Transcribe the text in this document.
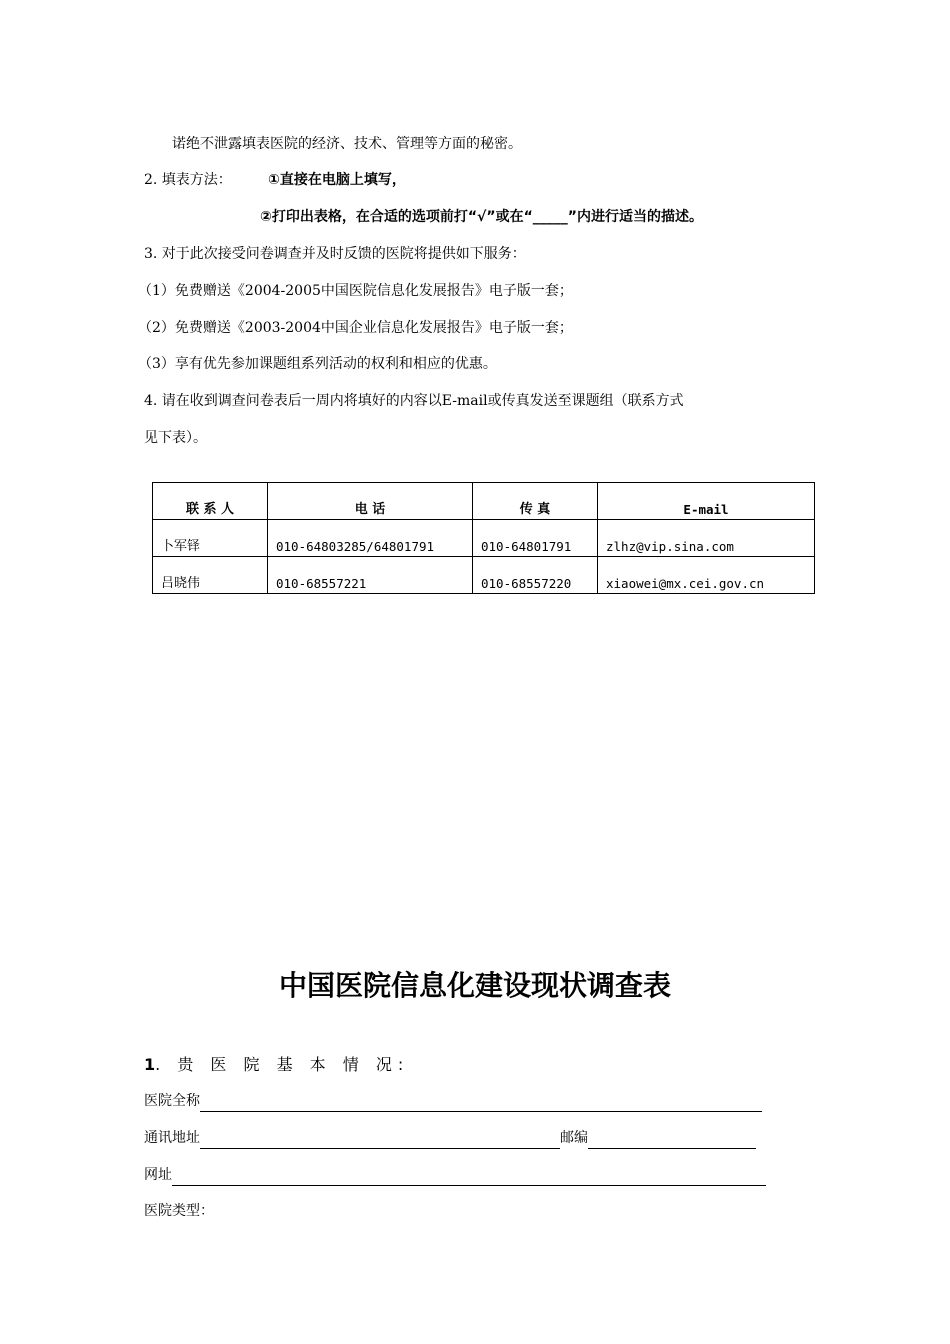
诺绝不泄露填表医院的经济、技术、管理等方面的秘密。
2. 填表方法：	①直接在电脑上填写，
②打印出表格，在合适的选项前打“√”或在“_____”内进行适当的描述。
3. 对于此次接受问卷调查并及时反馈的医院将提供如下服务：
（1）免费赠送《2004-2005中国医院信息化发展报告》电子版一套；
（2）免费赠送《2003-2004中国企业信息化发展报告》电子版一套；
（3）享有优先参加课题组系列活动的权利和相应的优惠。
4. 请在收到调查问卷表后一周内将填好的内容以E-mail或传真发送至课题组（联系方式
见下表）。
联 系 人	电 话	传 真	E-mail
卜军铎	010-64803285/64801791	010-64801791	zlhz@vip.sina.com
吕晓伟	010-68557221	010-68557220	xiaowei@mx.cei.gov.cn
中国医院信息化建设现状调查表
1. 贵 医 院 基 本 情 况:
医院全称
通讯地址	邮编
网址
医院类型：
